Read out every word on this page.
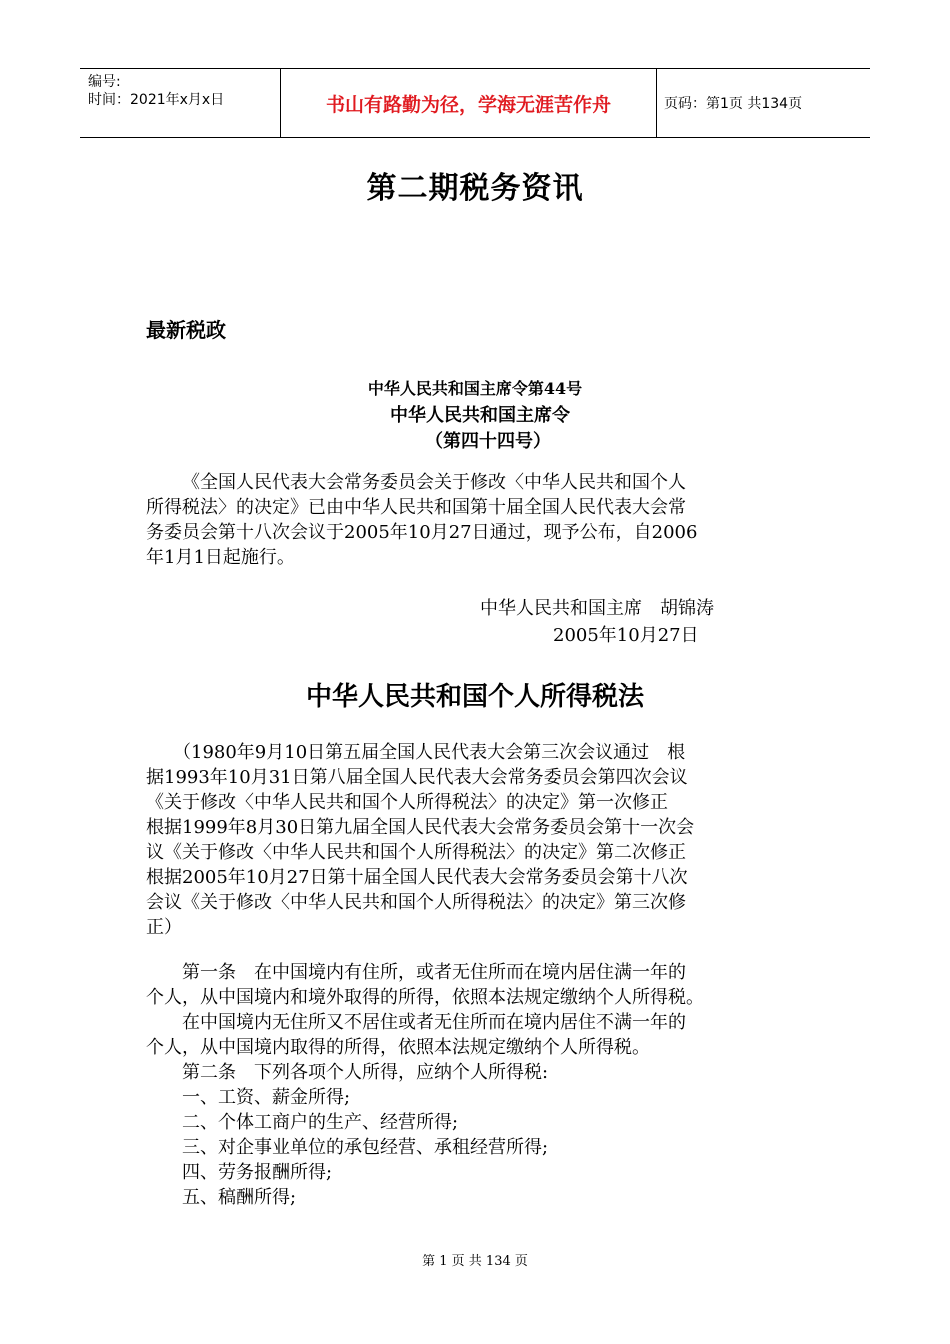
编号:
时间：2021年x月x日	书山有路勤为径，学海无涯苦作舟	页码：第1页 共134页
第二期税务资讯
最新税政
中华人民共和国主席令第44号
中华人民共和国主席令
（第四十四号）
《全国人民代表大会常务委员会关于修改〈中华人民共和国个人
所得税法〉的决定》已由中华人民共和国第十届全国人民代表大会常
务委员会第十八次会议于2005年10月27日通过，现予公布，自2006
年1月1日起施行。
中华人民共和国主席　胡锦涛
2005年10月27日
中华人民共和国个人所得税法
　（1980年9月10日第五届全国人民代表大会第三次会议通过　根
据1993年10月31日第八届全国人民代表大会常务委员会第四次会议
《关于修改〈中华人民共和国个人所得税法〉的决定》第一次修正
根据1999年8月30日第九届全国人民代表大会常务委员会第十一次会
议《关于修改〈中华人民共和国个人所得税法〉的决定》第二次修正
根据2005年10月27日第十届全国人民代表大会常务委员会第十八次
会议《关于修改〈中华人民共和国个人所得税法〉的决定》第三次修
正）
　　第一条　在中国境内有住所，或者无住所而在境内居住满一年的
个人，从中国境内和境外取得的所得，依照本法规定缴纳个人所得税。
　　在中国境内无住所又不居住或者无住所而在境内居住不满一年的
个人，从中国境内取得的所得，依照本法规定缴纳个人所得税。
　　第二条　下列各项个人所得，应纳个人所得税:
　　一、工资、薪金所得;
　　二、个体工商户的生产、经营所得;
　　三、对企事业单位的承包经营、承租经营所得;
　　四、劳务报酬所得;
　　五、稿酬所得;
第 1 页 共 134 页
